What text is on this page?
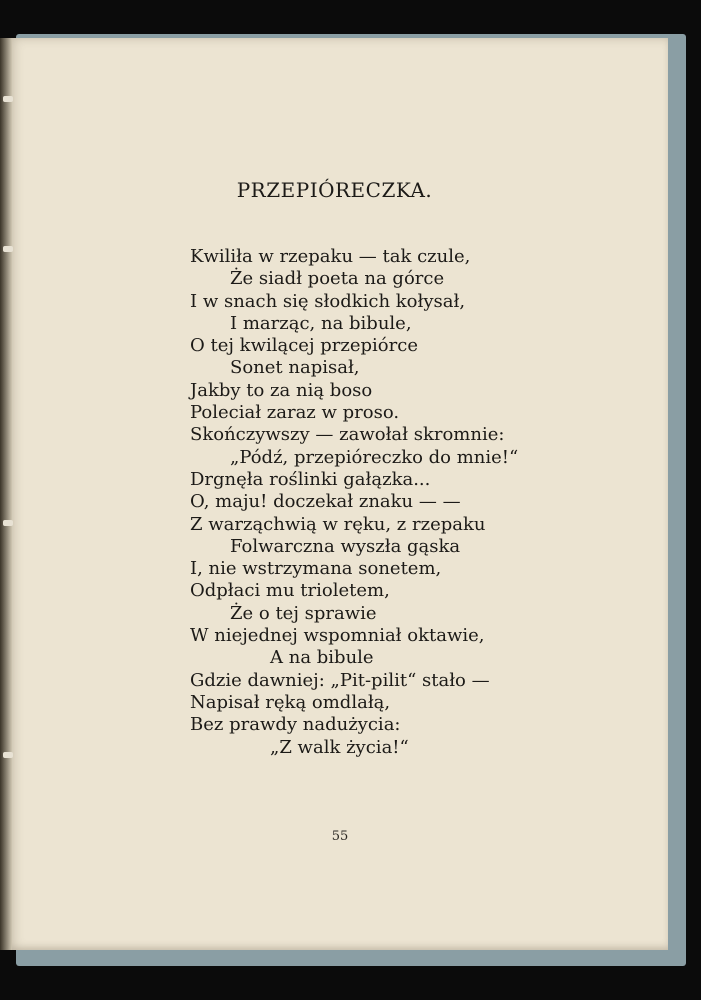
PRZEPIÓRECZKA.
Kwiliła w rzepaku — tak czule,
Że siadł poeta na górce
I w snach się słodkich kołysał,
I marząc, na bibule,
O tej kwilącej przepiórce
Sonet napisał,
Jakby to za nią boso
Poleciał zaraz w proso.
Skończywszy — zawołał skromnie:
„Pódź, przepióreczko do mnie!“
Drgnęła roślinki gałązka...
O, maju! doczekał znaku — —
Z warząchwią w ręku, z rzepaku
Folwarczna wyszła gąska
I, nie wstrzymana sonetem,
Odpłaci mu trioletem,
Że o tej sprawie
W niejednej wspomniał oktawie,
A na bibule
Gdzie dawniej: „Pit-pilit“ stało —
Napisał ręką omdlałą,
Bez prawdy nadużycia:
„Z walk życia!“
55
